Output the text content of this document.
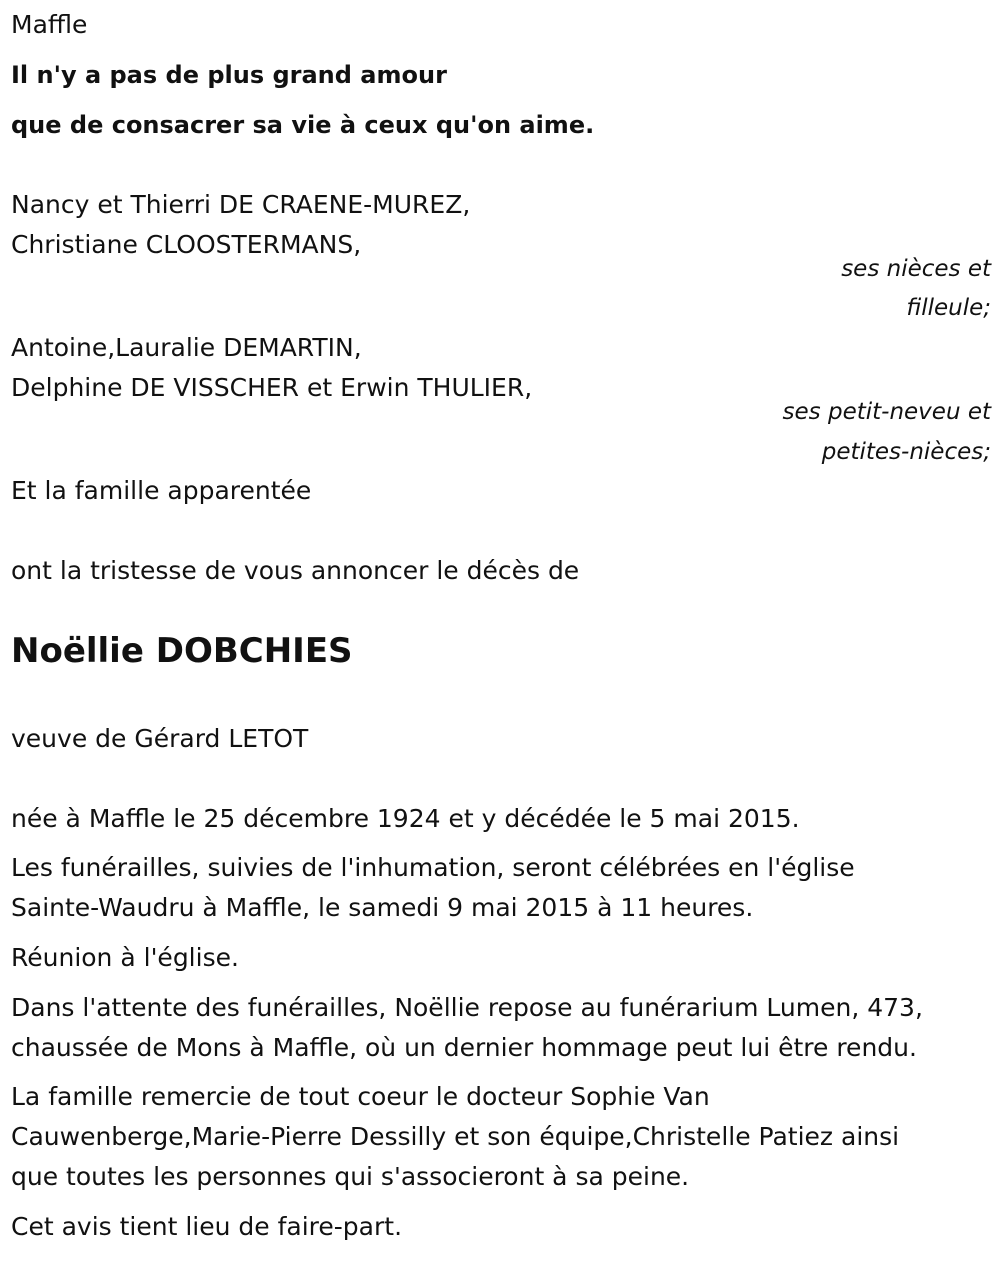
Maffle
Il n'y a pas de plus grand amour
que de consacrer sa vie à ceux qu'on aime.
Nancy et Thierri DE CRAENE-MUREZ,
Christiane CLOOSTERMANS,
ses nièces et
filleule;
Antoine,Lauralie DEMARTIN,
Delphine DE VISSCHER et Erwin THULIER,
ses petit-neveu et
petites-nièces;
Et la famille apparentée
ont la tristesse de vous annoncer le décès de
Noëllie DOBCHIES
veuve de Gérard LETOT
née à Maffle le 25 décembre 1924 et y décédée le 5 mai 2015.
Les funérailles, suivies de l'inhumation, seront célébrées en l'église
Sainte-Waudru à Maffle, le samedi 9 mai 2015 à 11 heures.
Réunion à l'église.
Dans l'attente des funérailles, Noëllie repose au funérarium Lumen, 473,
chaussée de Mons à Maffle, où un dernier hommage peut lui être rendu.
La famille remercie de tout coeur le docteur Sophie Van
Cauwenberge,Marie-Pierre Dessilly et son équipe,Christelle Patiez ainsi
que toutes les personnes qui s'associeront à sa peine.
Cet avis tient lieu de faire-part.
